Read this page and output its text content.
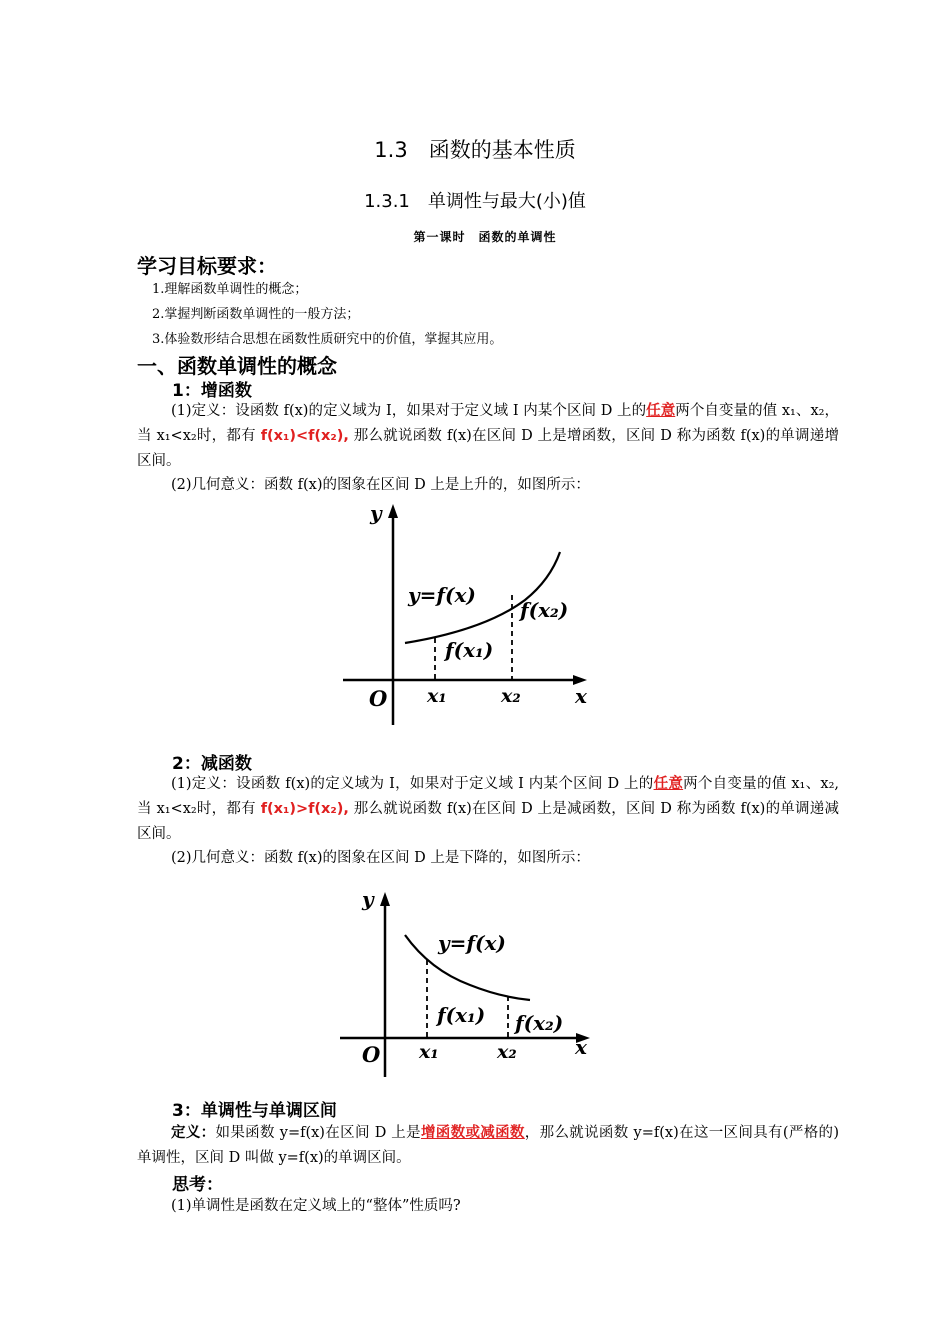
1.3　函数的基本性质
1.3.1　单调性与最大(小)值
第一课时　函数的单调性
学习目标要求：
1.理解函数单调性的概念；
2.掌握判断函数单调性的一般方法；
3.体验数形结合思想在函数性质研究中的价值，掌握其应用。
一、函数单调性的概念
1：增函数
(1)定义：设函数 f(x)的定义域为 I，如果对于定义域 I 内某个区间 D 上的任意两个自变量的值 x₁、x₂，当 x₁<x₂时，都有 f(x₁)<f(x₂), 那么就说函数 f(x)在区间 D 上是增函数，区间 D 称为函数 f(x)的单调递增区间。
(2)几何意义：函数 f(x)的图象在区间 D 上是上升的，如图所示：
y
x
O
y=f(x)
f(x₂)
f(x₁)
x₁	x₂
2：减函数
(1)定义：设函数 f(x)的定义域为 I，如果对于定义域 I 内某个区间 D 上的任意两个自变量的值 x₁、x₂, 当 x₁<x₂时，都有 f(x₁)>f(x₂), 那么就说函数 f(x)在区间 D 上是减函数，区间 D 称为函数 f(x)的单调递减区间。
(2)几何意义：函数 f(x)的图象在区间 D 上是下降的，如图所示：
y
x
O
y=f(x)
f(x₁) f(x₂)
x₁	x₂
3：单调性与单调区间
定义：如果函数 y=f(x)在区间 D 上是增函数或减函数，那么就说函数 y=f(x)在这一区间具有(严格的)单调性，区间 D 叫做 y=f(x)的单调区间。
思考：
(1)单调性是函数在定义域上的“整体”性质吗?
